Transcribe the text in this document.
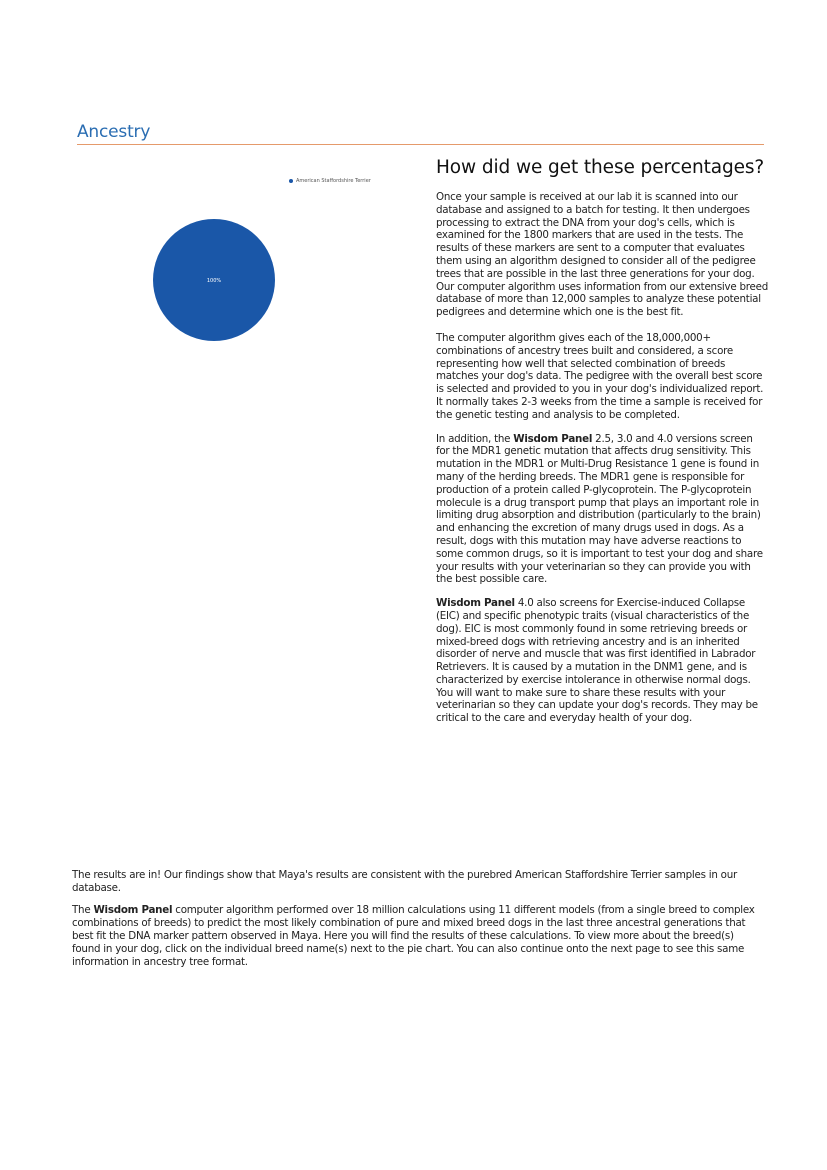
Ancestry
100%
American Staffordshire Terrier
How did we get these percentages?

Once your sample is received at our lab it is scanned into our database and assigned to a batch for testing. It then undergoes processing to extract the DNA from your dog's cells, which is examined for the 1800 markers that are used in the tests. The results of these markers are sent to a computer that evaluates them using an algorithm designed to consider all of the pedigree trees that are possible in the last three generations for your dog. Our computer algorithm uses information from our extensive breed database of more than 12,000 samples to analyze these potential pedigrees and determine which one is the best fit.

The computer algorithm gives each of the 18,000,000+ combinations of ancestry trees built and considered, a score representing how well that selected combination of breeds matches your dog's data. The pedigree with the overall best score is selected and provided to you in your dog's individualized report. It normally takes 2-3 weeks from the time a sample is received for the genetic testing and analysis to be completed.

In addition, the Wisdom Panel 2.5, 3.0 and 4.0 versions screen for the MDR1 genetic mutation that affects drug sensitivity. This mutation in the MDR1 or Multi-Drug Resistance 1 gene is found in many of the herding breeds. The MDR1 gene is responsible for production of a protein called P-glycoprotein. The P-glycoprotein molecule is a drug transport pump that plays an important role in limiting drug absorption and distribution (particularly to the brain) and enhancing the excretion of many drugs used in dogs. As a result, dogs with this mutation may have adverse reactions to some common drugs, so it is important to test your dog and share your results with your veterinarian so they can provide you with the best possible care.

Wisdom Panel 4.0 also screens for Exercise-induced Collapse (EIC) and specific phenotypic traits (visual characteristics of the dog). EIC is most commonly found in some retrieving breeds or mixed-breed dogs with retrieving ancestry and is an inherited disorder of nerve and muscle that was first identified in Labrador Retrievers. It is caused by a mutation in the DNM1 gene, and is characterized by exercise intolerance in otherwise normal dogs. You will want to make sure to share these results with your veterinarian so they can update your dog's records. They may be critical to the care and everyday health of your dog.

The results are in! Our findings show that Maya's results are consistent with the purebred American Staffordshire Terrier samples in our database.

The Wisdom Panel computer algorithm performed over 18 million calculations using 11 different models (from a single breed to complex combinations of breeds) to predict the most likely combination of pure and mixed breed dogs in the last three ancestral generations that best fit the DNA marker pattern observed in Maya. Here you will find the results of these calculations. To view more about the breed(s) found in your dog, click on the individual breed name(s) next to the pie chart. You can also continue onto the next page to see this same information in ancestry tree format.
